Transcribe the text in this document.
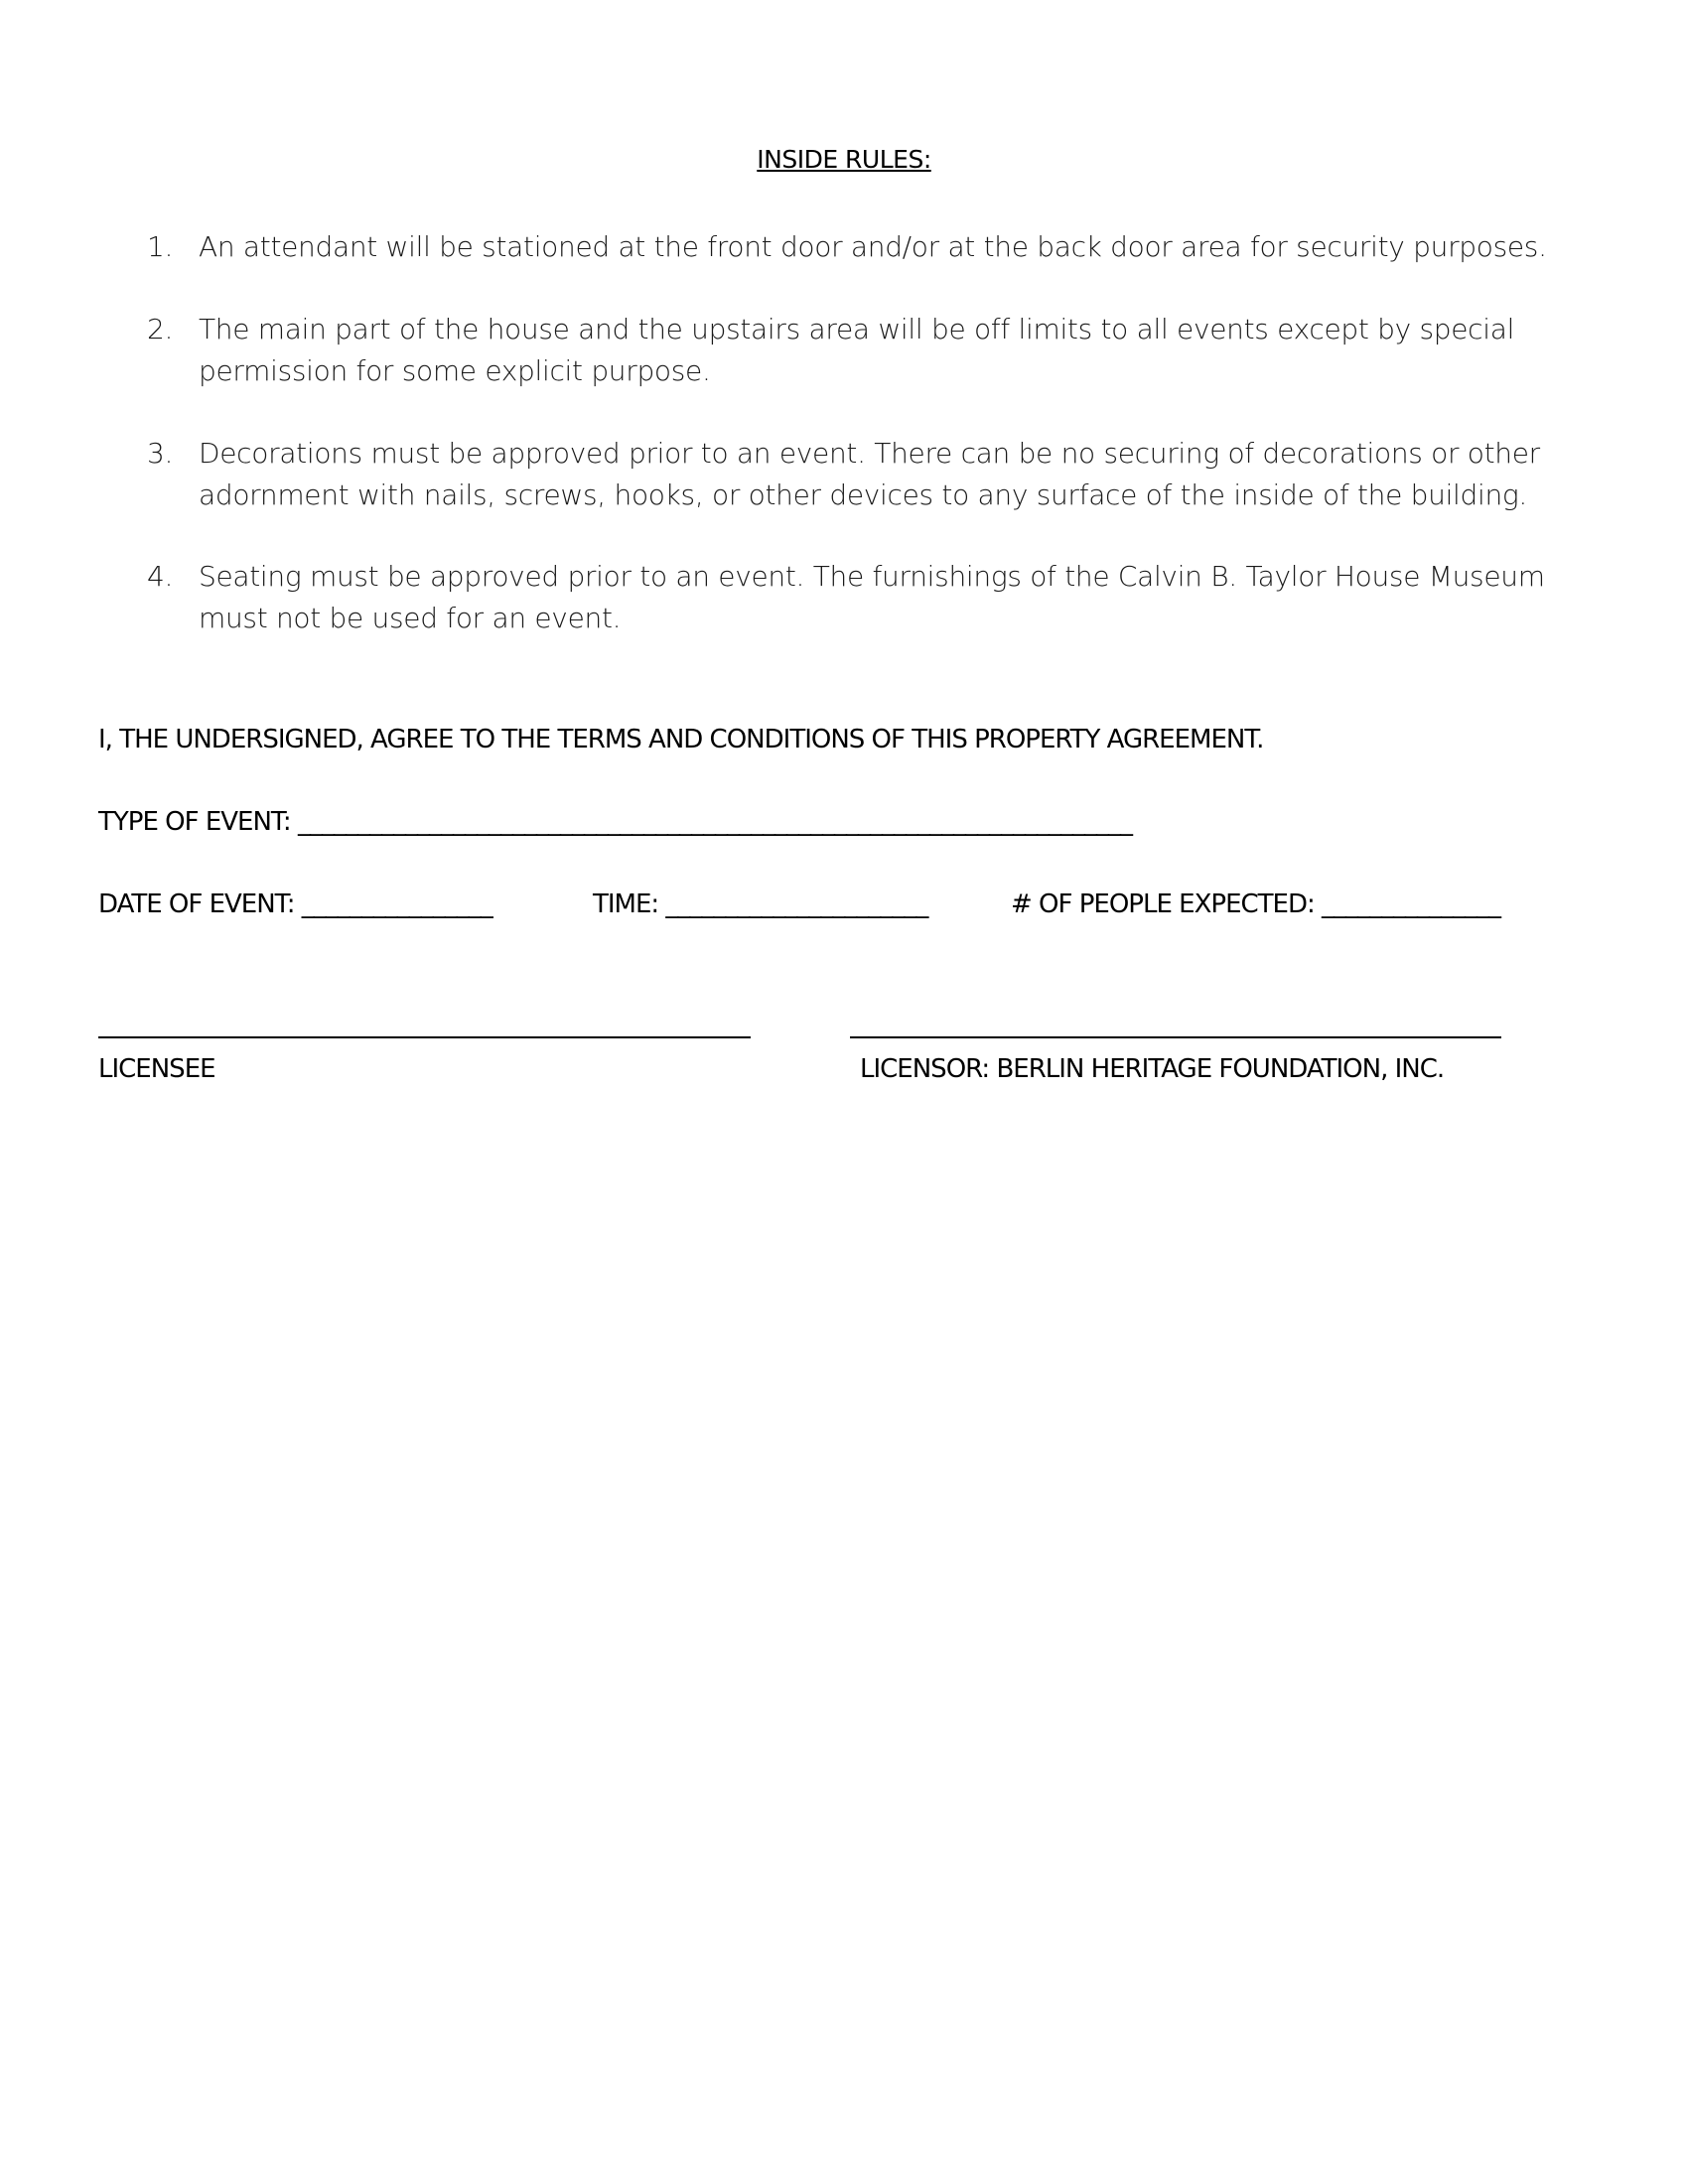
INSIDE RULES:
1. An attendant will be stationed at the front door and/or at the back door area for security purposes.
2. The main part of the house and the upstairs area will be off limits to all events except by special permission for some explicit purpose.
3. Decorations must be approved prior to an event. There can be no securing of decorations or other adornment with nails, screws, hooks, or other devices to any surface of the inside of the building.
4. Seating must be approved prior to an event. The furnishings of the Calvin B. Taylor House Museum must not be used for an event.
I, THE UNDERSIGNED, AGREE TO THE TERMS AND CONDITIONS OF THIS PROPERTY AGREEMENT.
TYPE OF EVENT: ______________________________________________________________________
DATE OF EVENT: ________________	TIME: ______________________	# OF PEOPLE EXPECTED: _______________
LICENSEE	LICENSOR: BERLIN HERITAGE FOUNDATION, INC.
